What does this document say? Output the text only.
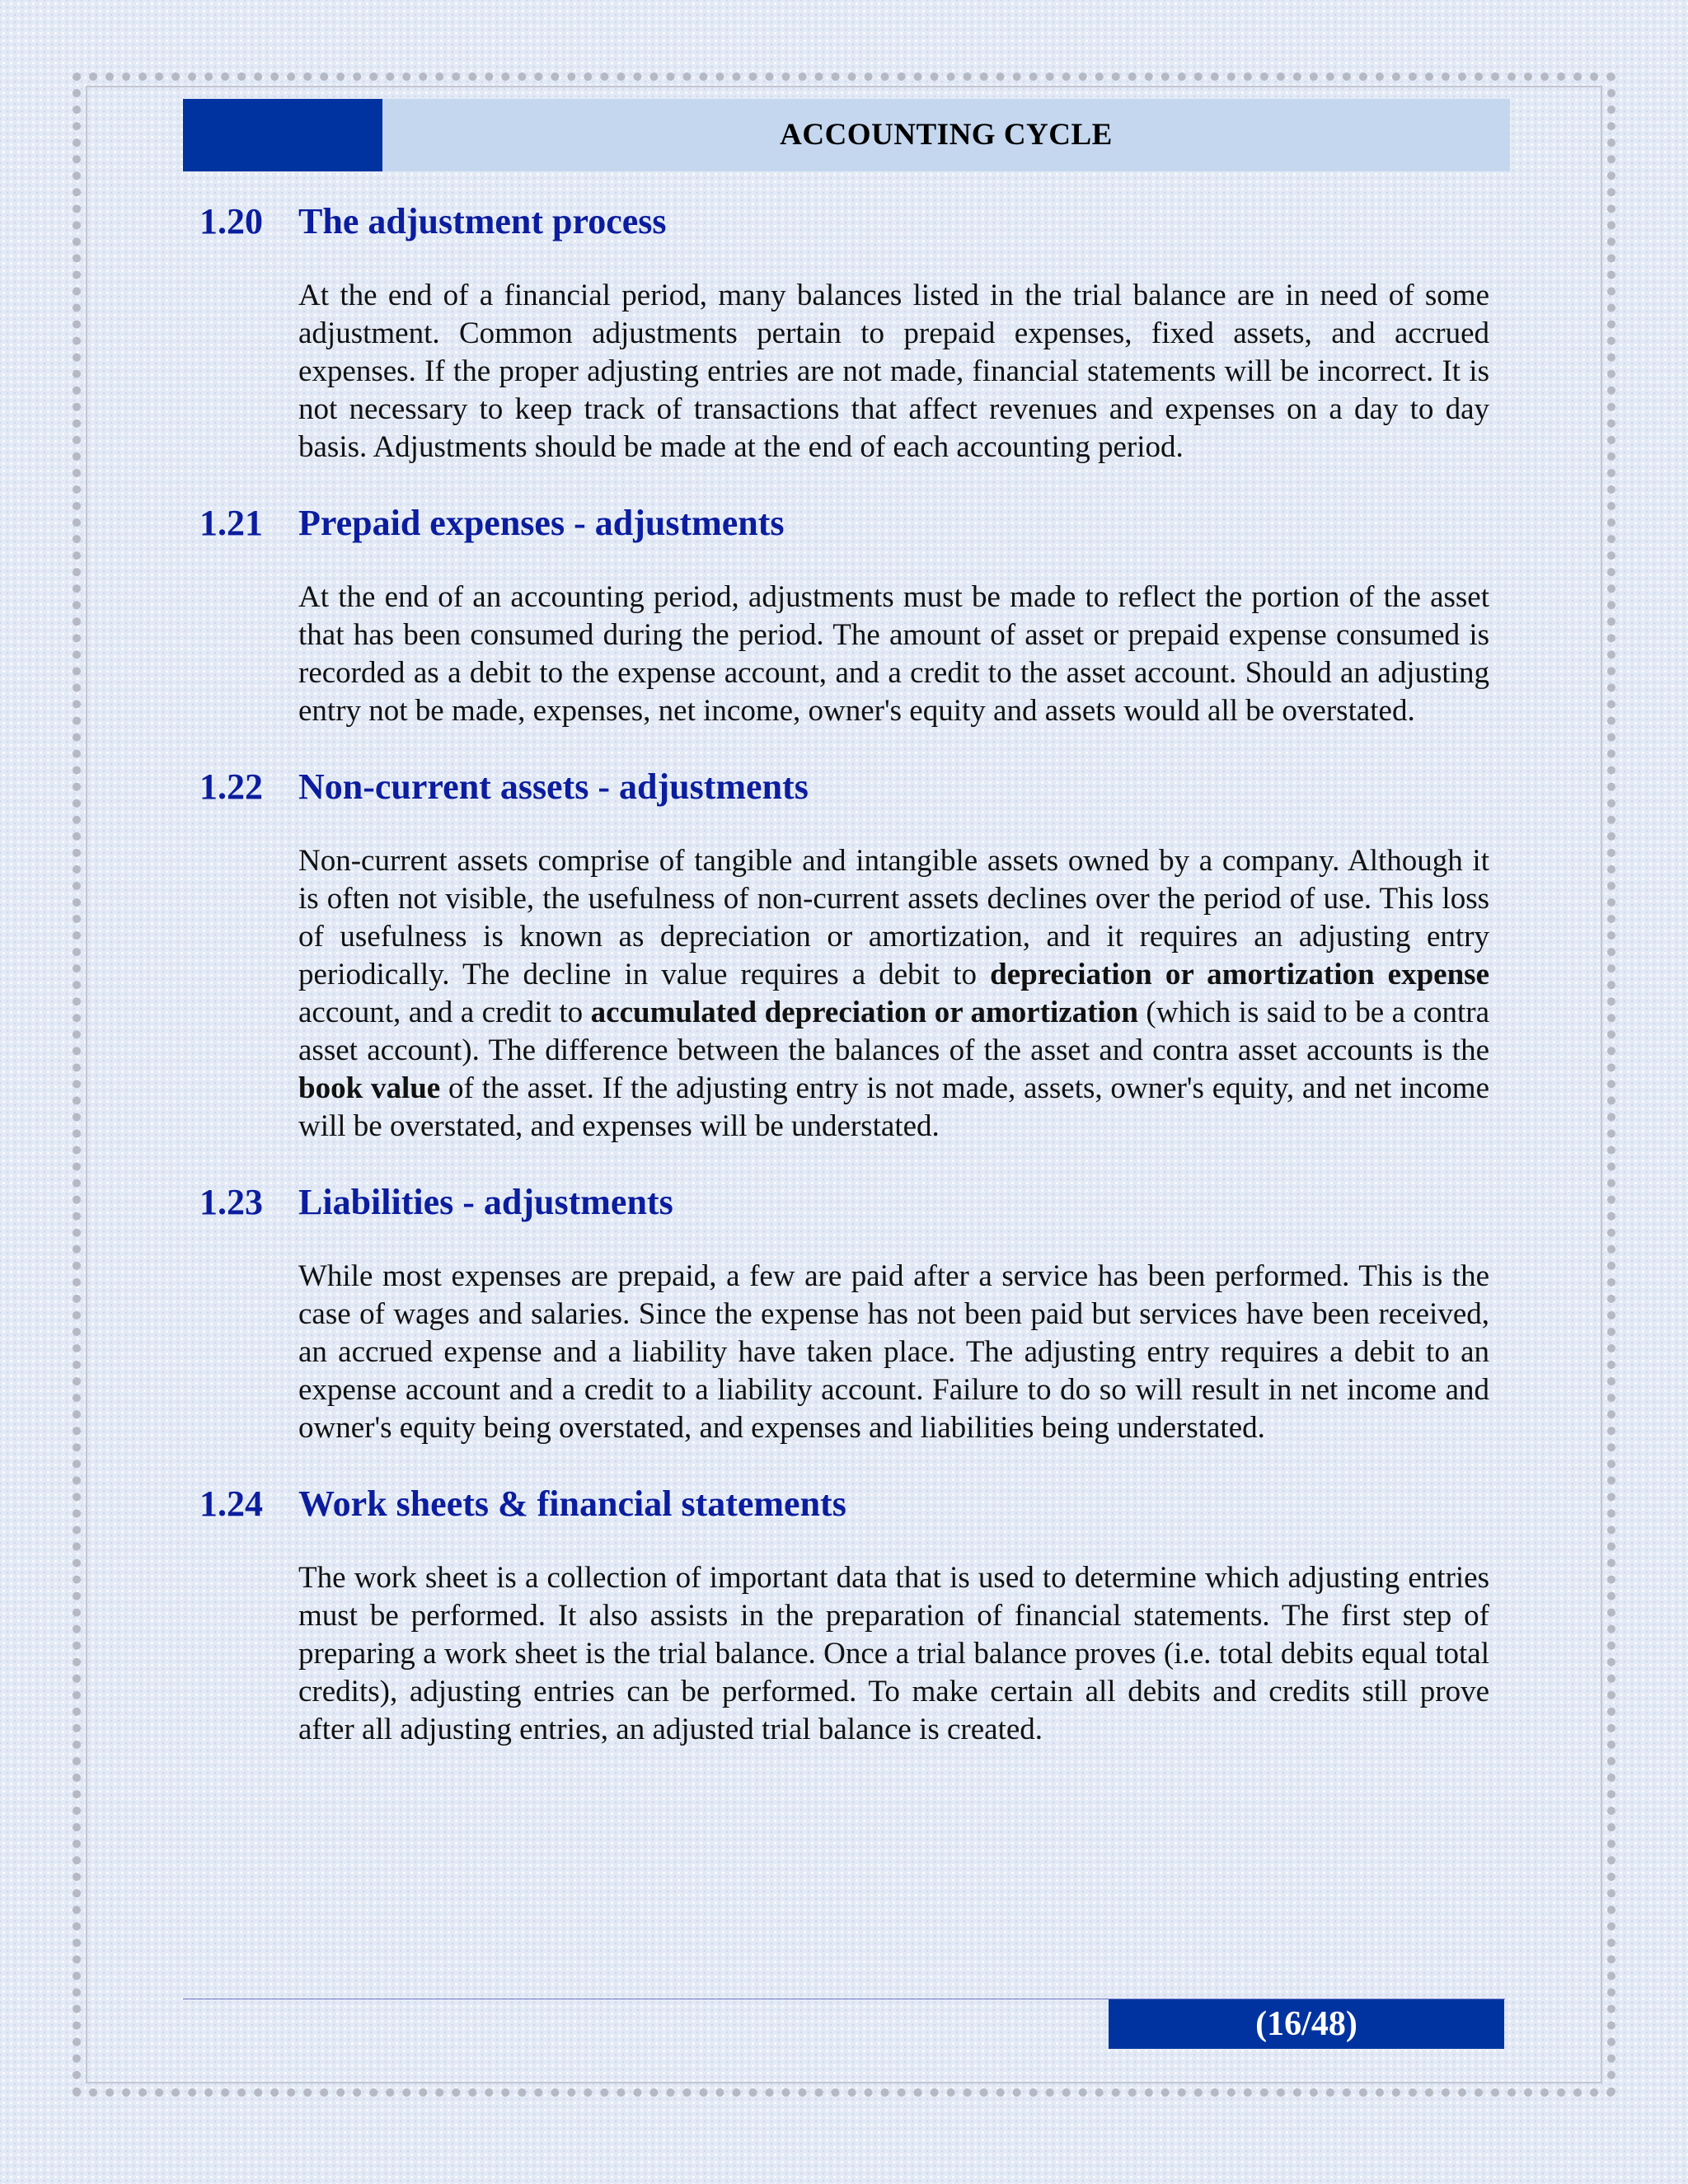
ACCOUNTING CYCLE
1.20 The adjustment process

At the end of a financial period, many balances listed in the trial balance are in need of some adjustment. Common adjustments pertain to prepaid expenses, fixed assets, and accrued expenses. If the proper adjusting entries are not made, financial statements will be incorrect. It is not necessary to keep track of transactions that affect revenues and expenses on a day to day basis. Adjustments should be made at the end of each accounting period.

1.21 Prepaid expenses - adjustments

At the end of an accounting period, adjustments must be made to reflect the portion of the asset that has been consumed during the period. The amount of asset or prepaid expense consumed is recorded as a debit to the expense account, and a credit to the asset account. Should an adjusting entry not be made, expenses, net income, owner's equity and assets would all be overstated.

1.22 Non-current assets - adjustments

Non-current assets comprise of tangible and intangible assets owned by a company. Although it is often not visible, the usefulness of non-current assets declines over the period of use. This loss of usefulness is known as depreciation or amortization, and it requires an adjusting entry periodically. The decline in value requires a debit to depreciation or amortization expense account, and a credit to accumulated depreciation or amortization (which is said to be a contra asset account). The difference between the balances of the asset and contra asset accounts is the book value of the asset. If the adjusting entry is not made, assets, owner's equity, and net income will be overstated, and expenses will be understated.

1.23 Liabilities - adjustments

While most expenses are prepaid, a few are paid after a service has been performed. This is the case of wages and salaries. Since the expense has not been paid but services have been received, an accrued expense and a liability have taken place. The adjusting entry requires a debit to an expense account and a credit to a liability account. Failure to do so will result in net income and owner's equity being overstated, and expenses and liabilities being understated.

1.24 Work sheets & financial statements

The work sheet is a collection of important data that is used to determine which adjusting entries must be performed. It also assists in the preparation of financial statements. The first step of preparing a work sheet is the trial balance. Once a trial balance proves (i.e. total debits equal total credits), adjusting entries can be performed. To make certain all debits and credits still prove after all adjusting entries, an adjusted trial balance is created.

(16/48)
